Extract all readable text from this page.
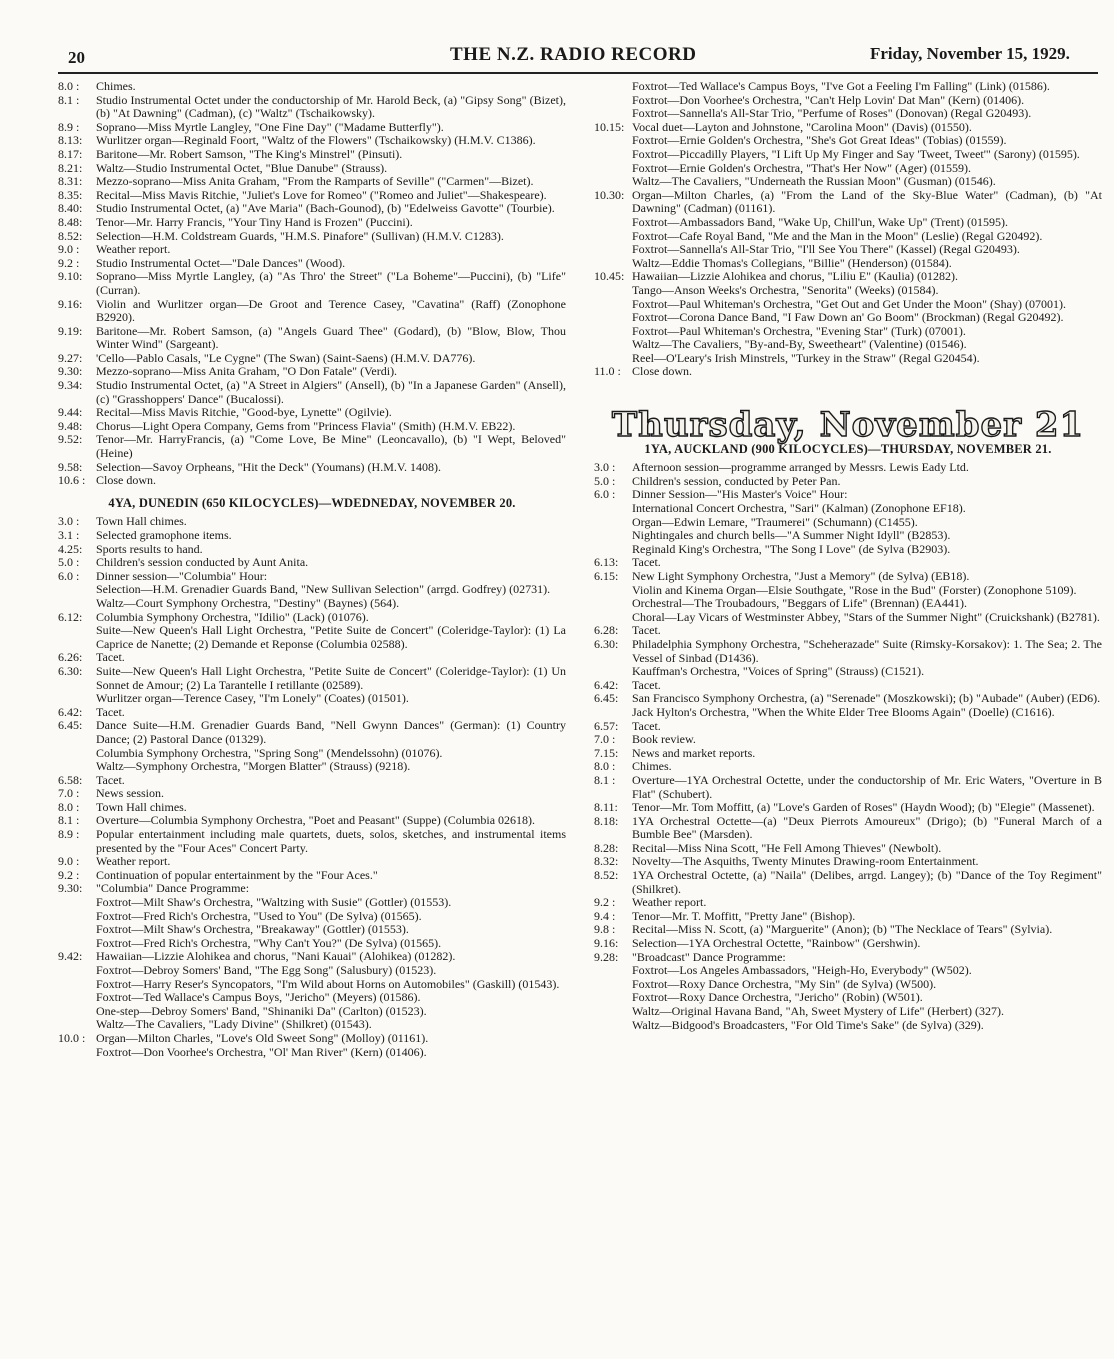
20	THE N.Z. RADIO RECORD	Friday, November 15, 1929.
8.0 :	Chimes.
8.1 :	Studio Instrumental Octet under the conductorship of Mr. Harold Beck, (a) "Gipsy Song" (Bizet), (b) "At Dawning" (Cadman), (c) "Waltz" (Tschaikowsky).
8.9 :	Soprano—Miss Myrtle Langley, "One Fine Day" ("Madame Butterfly").
8.13:	Wurlitzer organ—Reginald Foort, "Waltz of the Flowers" (Tschaikowsky) (H.M.V. C1386).
8.17:	Baritone—Mr. Robert Samson, "The King's Minstrel" (Pinsuti).
8.21:	Waltz—Studio Instrumental Octet, "Blue Danube" (Strauss).
8.31:	Mezzo-soprano—Miss Anita Graham, "From the Ramparts of Seville" ("Carmen"—Bizet).
8.35:	Recital—Miss Mavis Ritchie, "Juliet's Love for Romeo" ("Romeo and Juliet"—Shakespeare).
8.40:	Studio Instrumental Octet, (a) "Ave Maria" (Bach-Gounod), (b) "Edelweiss Gavotte" (Tourbie).
8.48:	Tenor—Mr. Harry Francis, "Your Tiny Hand is Frozen" (Puccini).
8.52:	Selection—H.M. Coldstream Guards, "H.M.S. Pinafore" (Sullivan) (H.M.V. C1283).
9.0 :	Weather report.
9.2 :	Studio Instrumental Octet—"Dale Dances" (Wood).
9.10:	Soprano—Miss Myrtle Langley, (a) "As Thro' the Street" ("La Boheme"—Puccini), (b) "Life" (Curran).
9.16:	Violin and Wurlitzer organ—De Groot and Terence Casey, "Cavatina" (Raff) (Zonophone B2920).
9.19:	Baritone—Mr. Robert Samson, (a) "Angels Guard Thee" (Godard), (b) "Blow, Blow, Thou Winter Wind" (Sargeant).
9.27:	'Cello—Pablo Casals, "Le Cygne" (The Swan) (Saint-Saens) (H.M.V. DA776).
9.30:	Mezzo-soprano—Miss Anita Graham, "O Don Fatale" (Verdi).
9.34:	Studio Instrumental Octet, (a) "A Street in Algiers" (Ansell), (b) "In a Japanese Garden" (Ansell), (c) "Grasshoppers' Dance" (Bucalossi).
9.44:	Recital—Miss Mavis Ritchie, "Good-bye, Lynette" (Ogilvie).
9.48:	Chorus—Light Opera Company, Gems from "Princess Flavia" (Smith) (H.M.V. EB22).
9.52:	Tenor—Mr. HarryFrancis, (a) "Come Love, Be Mine" (Leoncavallo), (b) "I Wept, Beloved" (Heine)
9.58:	Selection—Savoy Orpheans, "Hit the Deck" (Youmans) (H.M.V. 1408).
10.6 : Close down.
4YA, DUNEDIN (650 KILOCYCLES)—WDEDNEDAY, NOVEMBER 20.
3.0 :	Town Hall chimes.
3.1 :	Selected gramophone items.
4.25:	Sports results to hand.
5.0 :	Children's session conducted by Aunt Anita.
6.0 :	Dinner session—"Columbia" Hour:
Selection—H.M. Grenadier Guards Band, "New Sullivan Selection" (arrgd. Godfrey) (02731).
Waltz—Court Symphony Orchestra, "Destiny" (Baynes) (564).
6.12:	Columbia Symphony Orchestra, "Idilio" (Lack) (01076).
Suite—New Queen's Hall Light Orchestra, "Petite Suite de Concert" (Coleridge-Taylor): (1) La Caprice de Nanette; (2) Demande et Reponse (Columbia 02588).
6.26:	Tacet.
6.30:	Suite—New Queen's Hall Light Orchestra, "Petite Suite de Concert" (Coleridge-Taylor): (1) Un Sonnet de Amour; (2) La Tarantelle I retillante (02589).
Wurlitzer organ—Terence Casey, "I'm Lonely" (Coates) (01501).
6.42:	Tacet.
6.45:	Dance Suite—H.M. Grenadier Guards Band, "Nell Gwynn Dances" (German): (1) Country Dance; (2) Pastoral Dance (01329).
Columbia Symphony Orchestra, "Spring Song" (Mendelssohn) (01076).
Waltz—Symphony Orchestra, "Morgen Blatter" (Strauss) (9218).
6.58:	Tacet.
7.0 :	News session.
8.0 :	Town Hall chimes.
8.1 :	Overture—Columbia Symphony Orchestra, "Poet and Peasant" (Suppe) (Columbia 02618).
8.9 :	Popular entertainment including male quartets, duets, solos, sketches, and instrumental items presented by the "Four Aces" Concert Party.
9.0 :	Weather report.
9.2 :	Continuation of popular entertainment by the "Four Aces."
9.30:	"Columbia" Dance Programme:
Foxtrot—Milt Shaw's Orchestra, "Waltzing with Susie" (Gottler) (01553).
Foxtrot—Fred Rich's Orchestra, "Used to You" (De Sylva) (01565).
Foxtrot—Milt Shaw's Orchestra, "Breakaway" (Gottler) (01553).
Foxtrot—Fred Rich's Orchestra, "Why Can't You?" (De Sylva) (01565).
9.42:	Hawaiian—Lizzie Alohikea and chorus, "Nani Kauai" (Alohikea) (01282).
Foxtrot—Debroy Somers' Band, "The Egg Song" (Salusbury) (01523).
Foxtrot—Harry Reser's Syncopators, "I'm Wild about Horns on Automobiles" (Gaskill) (01543).
Foxtrot—Ted Wallace's Campus Boys, "Jericho" (Meyers) (01586).
One-step—Debroy Somers' Band, "Shinaniki Da" (Carlton) (01523).
Waltz—The Cavaliers, "Lady Divine" (Shilkret) (01543).
10.0 : Organ—Milton Charles, "Love's Old Sweet Song" (Molloy) (01161).
Foxtrot—Don Voorhee's Orchestra, "Ol' Man River" (Kern) (01406).
Foxtrot—Ted Wallace's Campus Boys, "I've Got a Feeling I'm Falling" (Link) (01586).
Foxtrot—Don Voorhee's Orchestra, "Can't Help Lovin' Dat Man" (Kern) (01406).
Foxtrot—Sannella's All-Star Trio, "Perfume of Roses" (Donovan) (Regal G20493).
10.15: Vocal duet—Layton and Johnstone, "Carolina Moon" (Davis) (01550).
Foxtrot—Ernie Golden's Orchestra, "She's Got Great Ideas" (Tobias) (01559).
Foxtrot—Piccadilly Players, "I Lift Up My Finger and Say 'Tweet, Tweet'" (Sarony) (01595).
Foxtrot—Ernie Golden's Orchestra, "That's Her Now" (Ager) (01559).
Waltz—The Cavaliers, "Underneath the Russian Moon" (Gusman) (01546).
10.30: Organ—Milton Charles, (a) "From the Land of the Sky-Blue Water" (Cadman), (b) "At Dawning" (Cadman) (01161).
Foxtrot—Ambassadors Band, "Wake Up, Chill'un, Wake Up" (Trent) (01595).
Foxtrot—Cafe Royal Band, "Me and the Man in the Moon" (Leslie) (Regal G20492).
Foxtrot—Sannella's All-Star Trio, "I'll See You There" (Kassel) (Regal G20493).
Waltz—Eddie Thomas's Collegians, "Billie" (Henderson) (01584).
10.45: Hawaiian—Lizzie Alohikea and chorus, "Liliu E" (Kaulia) (01282).
Tango—Anson Weeks's Orchestra, "Senorita" (Weeks) (01584).
Foxtrot—Paul Whiteman's Orchestra, "Get Out and Get Under the Moon" (Shay) (07001).
Foxtrot—Corona Dance Band, "I Faw Down an' Go Boom" (Brockman) (Regal G20492).
Foxtrot—Paul Whiteman's Orchestra, "Evening Star" (Turk) (07001).
Waltz—The Cavaliers, "By-and-By, Sweetheart" (Valentine) (01546).
Reel—O'Leary's Irish Minstrels, "Turkey in the Straw" (Regal G20454).
11.0 : Close down.
Thursday, November 21
1YA, AUCKLAND (900 KILOCYCLES)—THURSDAY, NOVEMBER 21.
3.0 :	Afternoon session—programme arranged by Messrs. Lewis Eady Ltd.
5.0 :	Children's session, conducted by Peter Pan.
6.0 :	Dinner Session—"His Master's Voice" Hour:
International Concert Orchestra, "Sari" (Kalman) (Zonophone EF18).
Organ—Edwin Lemare, "Traumerei" (Schumann) (C1455).
Nightingales and church bells—"A Summer Night Idyll" (B2853).
Reginald King's Orchestra, "The Song I Love" (de Sylva (B2903).
6.13:	Tacet.
6.15:	New Light Symphony Orchestra, "Just a Memory" (de Sylva) (EB18).
Violin and Kinema Organ—Elsie Southgate, "Rose in the Bud" (Forster) (Zonophone 5109).
Orchestral—The Troubadours, "Beggars of Life" (Brennan) (EA441).
Choral—Lay Vicars of Westminster Abbey, "Stars of the Summer Night" (Cruickshank) (B2781).
6.28:	Tacet.
6.30:	Philadelphia Symphony Orchestra, "Scheherazade" Suite (Rimsky-Korsakov): 1. The Sea; 2. The Vessel of Sinbad (D1436).
Kauffman's Orchestra, "Voices of Spring" (Strauss) (C1521).
6.42:	Tacet.
6.45:	San Francisco Symphony Orchestra, (a) "Serenade" (Moszkowski); (b) "Aubade" (Auber) (ED6).
Jack Hylton's Orchestra, "When the White Elder Tree Blooms Again" (Doelle) (C1616).
6.57:	Tacet.
7.0 :	Book review.
7.15:	News and market reports.
8.0 :	Chimes.
8.1 :	Overture—1YA Orchestral Octette, under the conductorship of Mr. Eric Waters, "Overture in B Flat" (Schubert).
8.11:	Tenor—Mr. Tom Moffitt, (a) "Love's Garden of Roses" (Haydn Wood); (b) "Elegie" (Massenet).
8.18:	1YA Orchestral Octette—(a) "Deux Pierrots Amoureux" (Drigo); (b) "Funeral March of a Bumble Bee" (Marsden).
8.28:	Recital—Miss Nina Scott, "He Fell Among Thieves" (Newbolt).
8.32:	Novelty—The Asquiths, Twenty Minutes Drawing-room Entertainment.
8.52:	1YA Orchestral Octette, (a) "Naila" (Delibes, arrgd. Langey); (b) "Dance of the Toy Regiment" (Shilkret).
9.2 :	Weather report.
9.4 :	Tenor—Mr. T. Moffitt, "Pretty Jane" (Bishop).
9.8 :	Recital—Miss N. Scott, (a) "Marguerite" (Anon); (b) "The Necklace of Tears" (Sylvia).
9.16:	Selection—1YA Orchestral Octette, "Rainbow" (Gershwin).
9.28:	"Broadcast" Dance Programme:
Foxtrot—Los Angeles Ambassadors, "Heigh-Ho, Everybody" (W502).
Foxtrot—Roxy Dance Orchestra, "My Sin" (de Sylva) (W500).
Foxtrot—Roxy Dance Orchestra, "Jericho" (Robin) (W501).
Waltz—Original Havana Band, "Ah, Sweet Mystery of Life" (Herbert) (327).
Waltz—Bidgood's Broadcasters, "For Old Time's Sake" (de Sylva) (329).
